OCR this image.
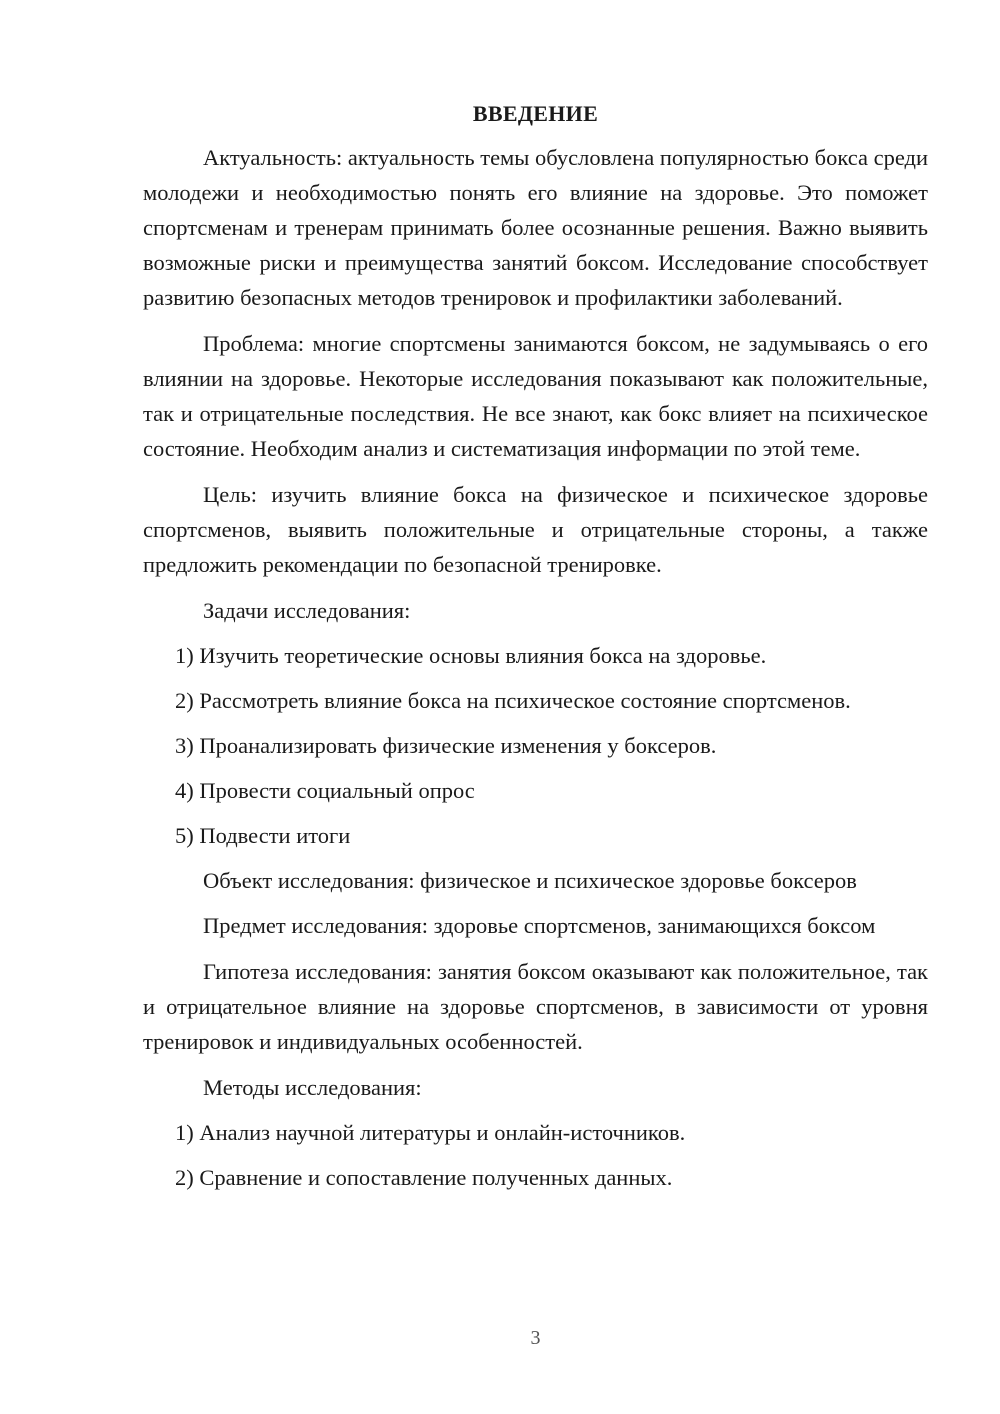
ВВЕДЕНИЕ

Актуальность: актуальность темы обусловлена популярностью бокса среди молодежи и необходимостью понять его влияние на здоровье. Это поможет спортсменам и тренерам принимать более осознанные решения. Важно выявить возможные риски и преимущества занятий боксом. Исследование способствует развитию безопасных методов тренировок и профилактики заболеваний.

Проблема: многие спортсмены занимаются боксом, не задумываясь о его влиянии на здоровье. Некоторые исследования показывают как положительные, так и отрицательные последствия. Не все знают, как бокс влияет на психическое состояние. Необходим анализ и систематизация информации по этой теме.

Цель: изучить влияние бокса на физическое и психическое здоровье спортсменов, выявить положительные и отрицательные стороны, а также предложить рекомендации по безопасной тренировке.

Задачи исследования:

1) Изучить теоретические основы влияния бокса на здоровье.
2) Рассмотреть влияние бокса на психическое состояние спортсменов.
3) Проанализировать физические изменения у боксеров.
4) Провести социальный опрос
5) Подвести итоги

Объект исследования: физическое и психическое здоровье боксеров

Предмет исследования: здоровье спортсменов, занимающихся боксом

Гипотеза исследования: занятия боксом оказывают как положительное, так и отрицательное влияние на здоровье спортсменов, в зависимости от уровня тренировок и индивидуальных особенностей.

Методы исследования:

1) Анализ научной литературы и онлайн-источников.
2) Сравнение и сопоставление полученных данных.
3
